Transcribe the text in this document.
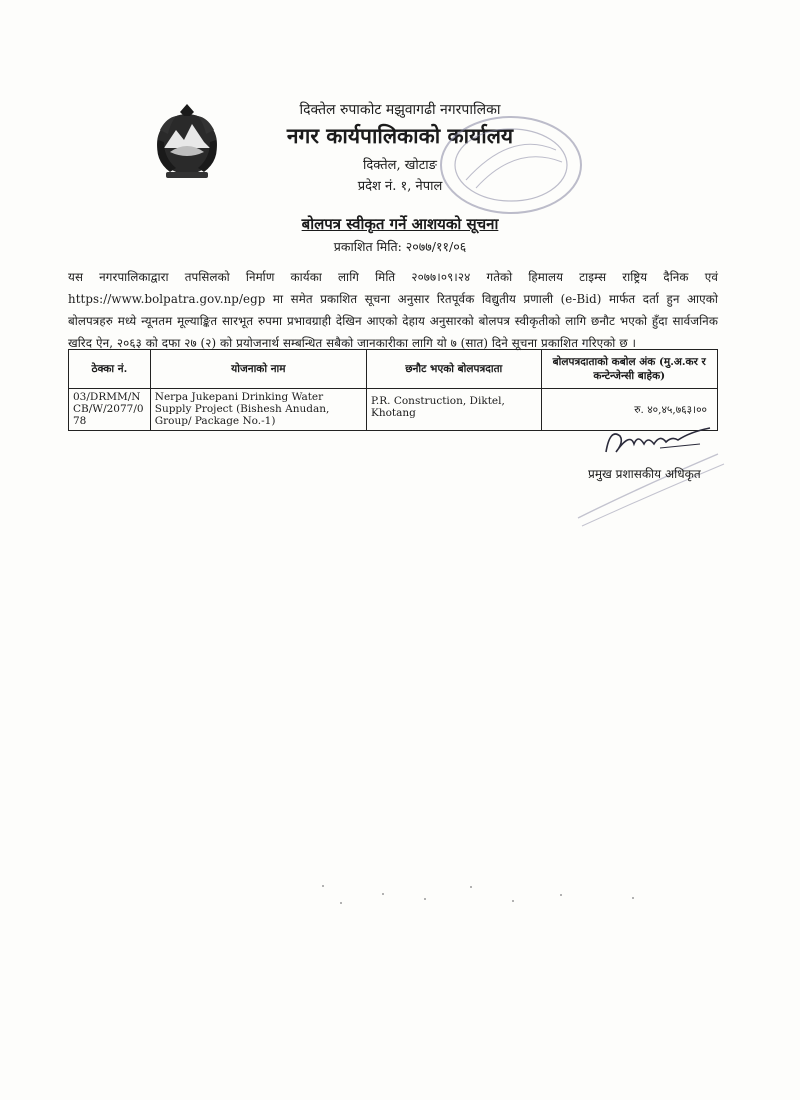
दिक्तेल रुपाकोट मझुवागढी नगरपालिका
नगर कार्यपालिकाको कार्यालय
दिक्तेल, खोटाङ
प्रदेश नं. १, नेपाल
बोलपत्र स्वीकृत गर्ने आशयको सूचना
प्रकाशित मिति: २०७७/११/०६
यस नगरपालिकाद्वारा तपसिलको निर्माण कार्यका लागि मिति २०७७।०९।२४ गतेको हिमालय टाइम्स राष्ट्रिय दैनिक एवं https://www.bolpatra.gov.np/egp मा समेत प्रकाशित सूचना अनुसार रितपूर्वक विद्युतीय प्रणाली (e-Bid) मार्फत दर्ता हुन आएको बोलपत्रहरु मध्ये न्यूनतम मूल्याङ्कित सारभूत रुपमा प्रभावग्राही देखिन आएको देहाय अनुसारको बोलपत्र स्वीकृतीको लागि छनौट भएको हुँदा सार्वजनिक खरिद ऐन, २०६३ को दफा २७ (२) को प्रयोजनार्थ सम्बन्धित सबैको जानकारीका लागि यो ७ (सात) दिने सूचना प्रकाशित गरिएको छ ।
ठेक्का नं.	योजनाको नाम	छनौट भएको बोलपत्रदाता	बोलपत्रदाताको कबोल अंक (मु.अ.कर र कन्टेन्जेन्सी बाहेक)
03/DRMM/NCB/W/2077/078	Nerpa Jukepani Drinking Water Supply Project (Bishesh Anudan, Group/ Package No.-1)	P.R. Construction, Diktel, Khotang	रु. ४०,४५,७६३।००
प्रमुख प्रशासकीय अधिकृत
